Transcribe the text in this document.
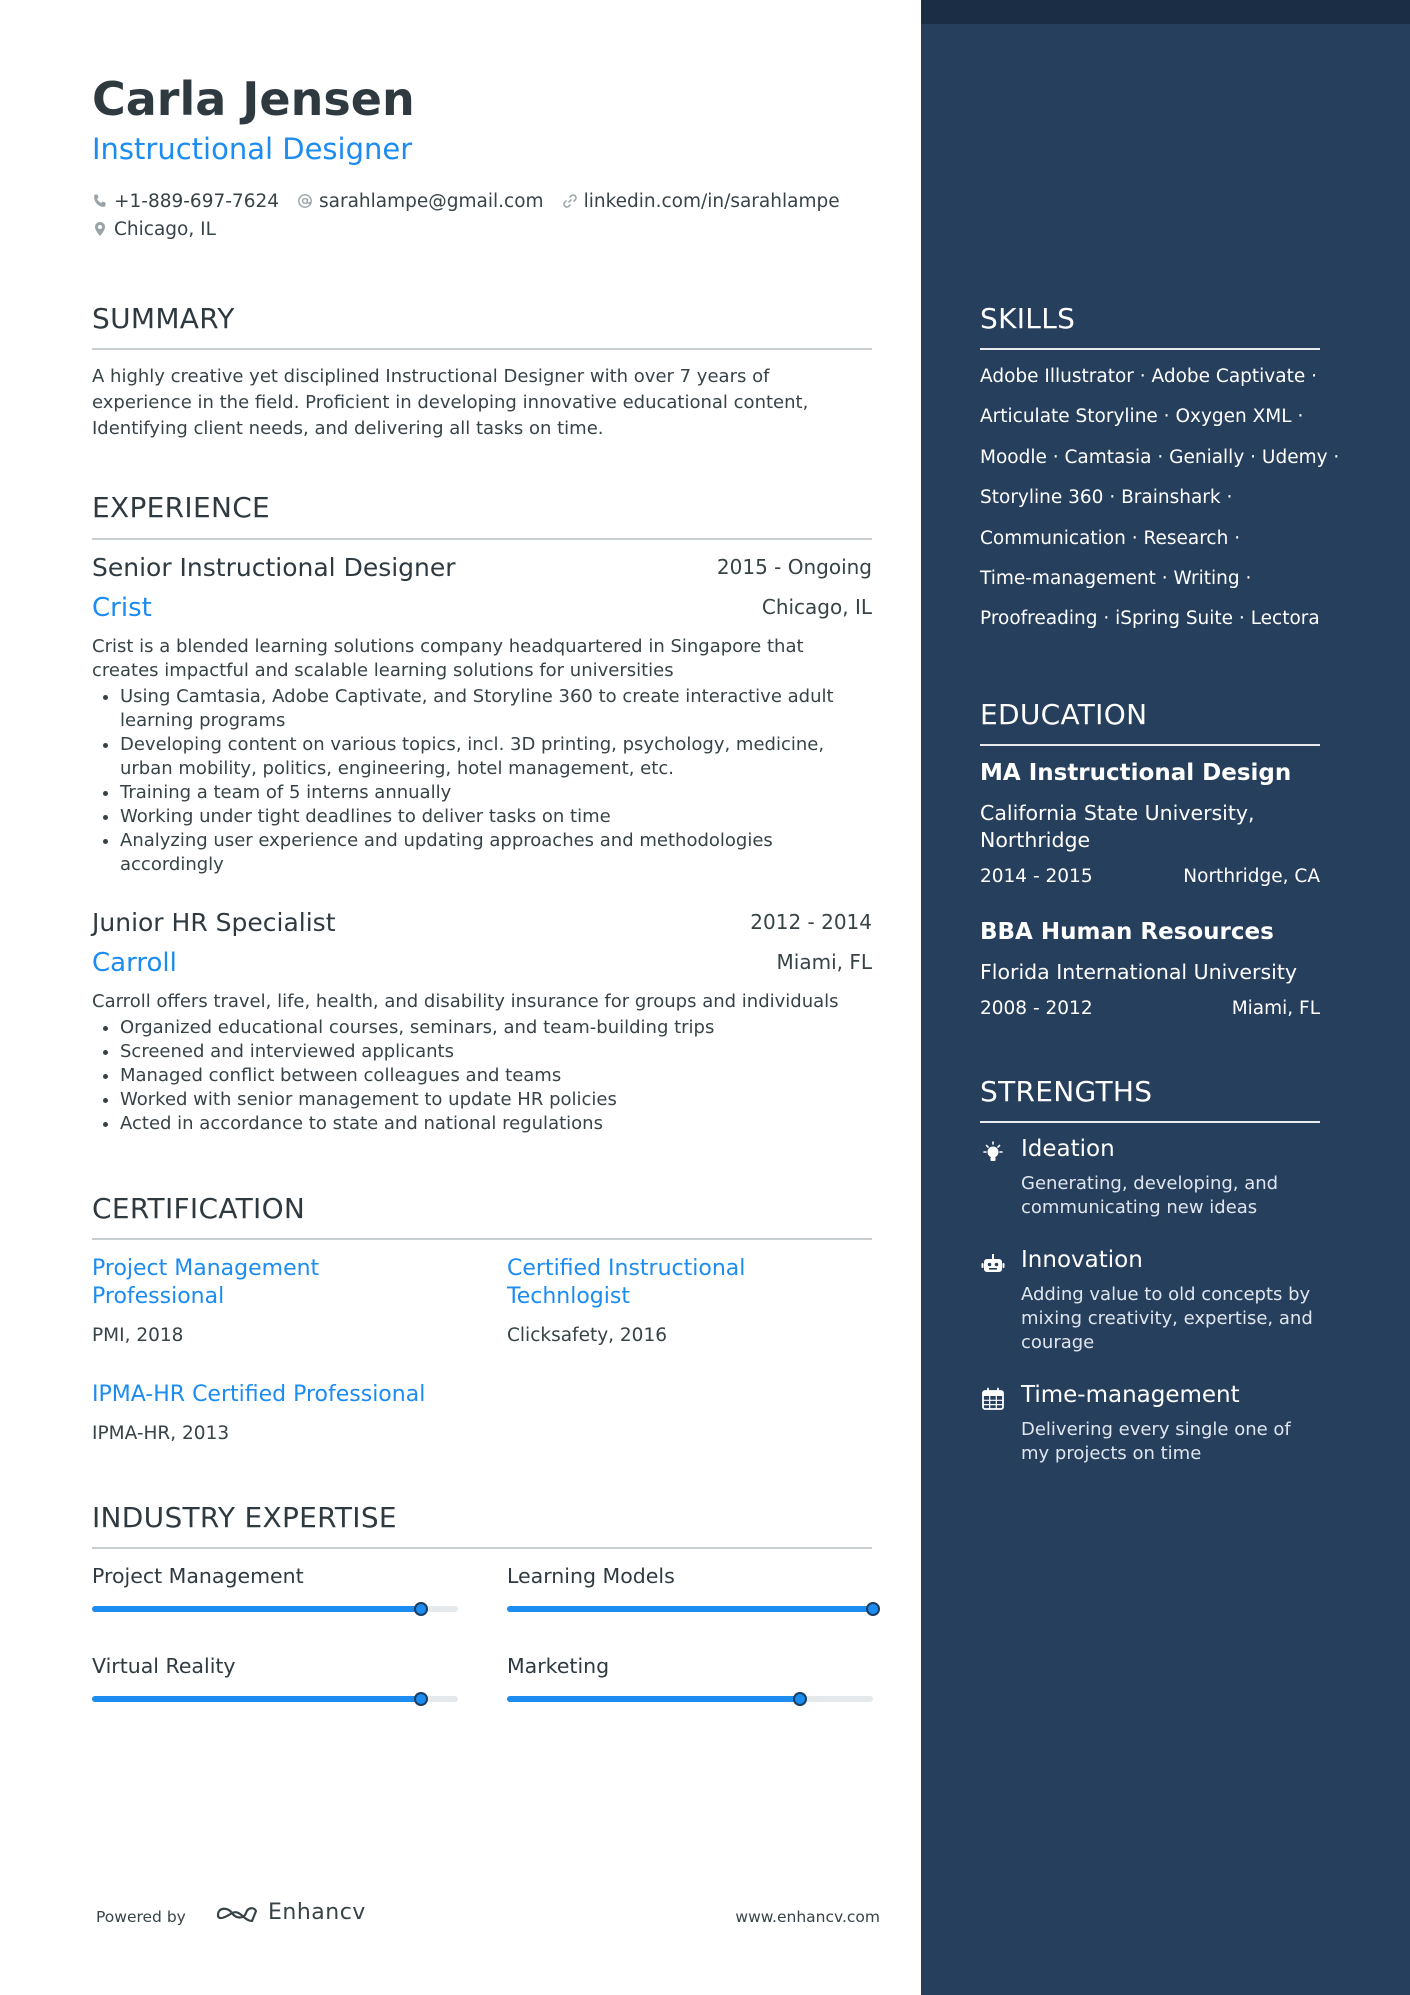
Carla Jensen
Instructional Designer
+1-889-697-7624 sarahlampe@gmail.com linkedin.com/in/sarahlampe
Chicago, IL
SUMMARY

A highly creative yet disciplined Instructional Designer with over 7 years of experience in the field. Proficient in developing innovative educational content, Identifying client needs, and delivering all tasks on time.

EXPERIENCE
Senior Instructional Designer	2015 - Ongoing
Crist	Chicago, IL
Crist is a blended learning solutions company headquartered in Singapore that creates impactful and scalable learning solutions for universities
• Using Camtasia, Adobe Captivate, and Storyline 360 to create interactive adult learning programs
• Developing content on various topics, incl. 3D printing, psychology, medicine, urban mobility, politics, engineering, hotel management, etc.
• Training a team of 5 interns annually
• Working under tight deadlines to deliver tasks on time
• Analyzing user experience and updating approaches and methodologies accordingly
Junior HR Specialist	2012 - 2014
Carroll	Miami, FL
Carroll offers travel, life, health, and disability insurance for groups and individuals
• Organized educational courses, seminars, and team-building trips
• Screened and interviewed applicants
• Managed conflict between colleagues and teams
• Worked with senior management to update HR policies
• Acted in accordance to state and national regulations
CERTIFICATION
Project Management Professional
PMI, 2018
Certified Instructional Technlogist
Clicksafety, 2016
IPMA-HR Certified Professional
IPMA-HR, 2013
INDUSTRY EXPERTISE
Project Management	Learning Models
Virtual Reality	Marketing
Powered by	Enhancv	www.enhancv.com
SKILLS
Adobe Illustrator · Adobe Captivate ·
Articulate Storyline · Oxygen XML ·
Moodle · Camtasia · Genially · Udemy ·
Storyline 360 · Brainshark ·
Communication · Research ·
Time-management · Writing ·
Proofreading · iSpring Suite · Lectora
EDUCATION
MA Instructional Design
California State University, Northridge
2014 - 2015	Northridge, CA
BBA Human Resources
Florida International University
2008 - 2012	Miami, FL
STRENGTHS
Ideation
Generating, developing, and communicating new ideas
Innovation
Adding value to old concepts by mixing creativity, expertise, and courage
Time-management
Delivering every single one of my projects on time
